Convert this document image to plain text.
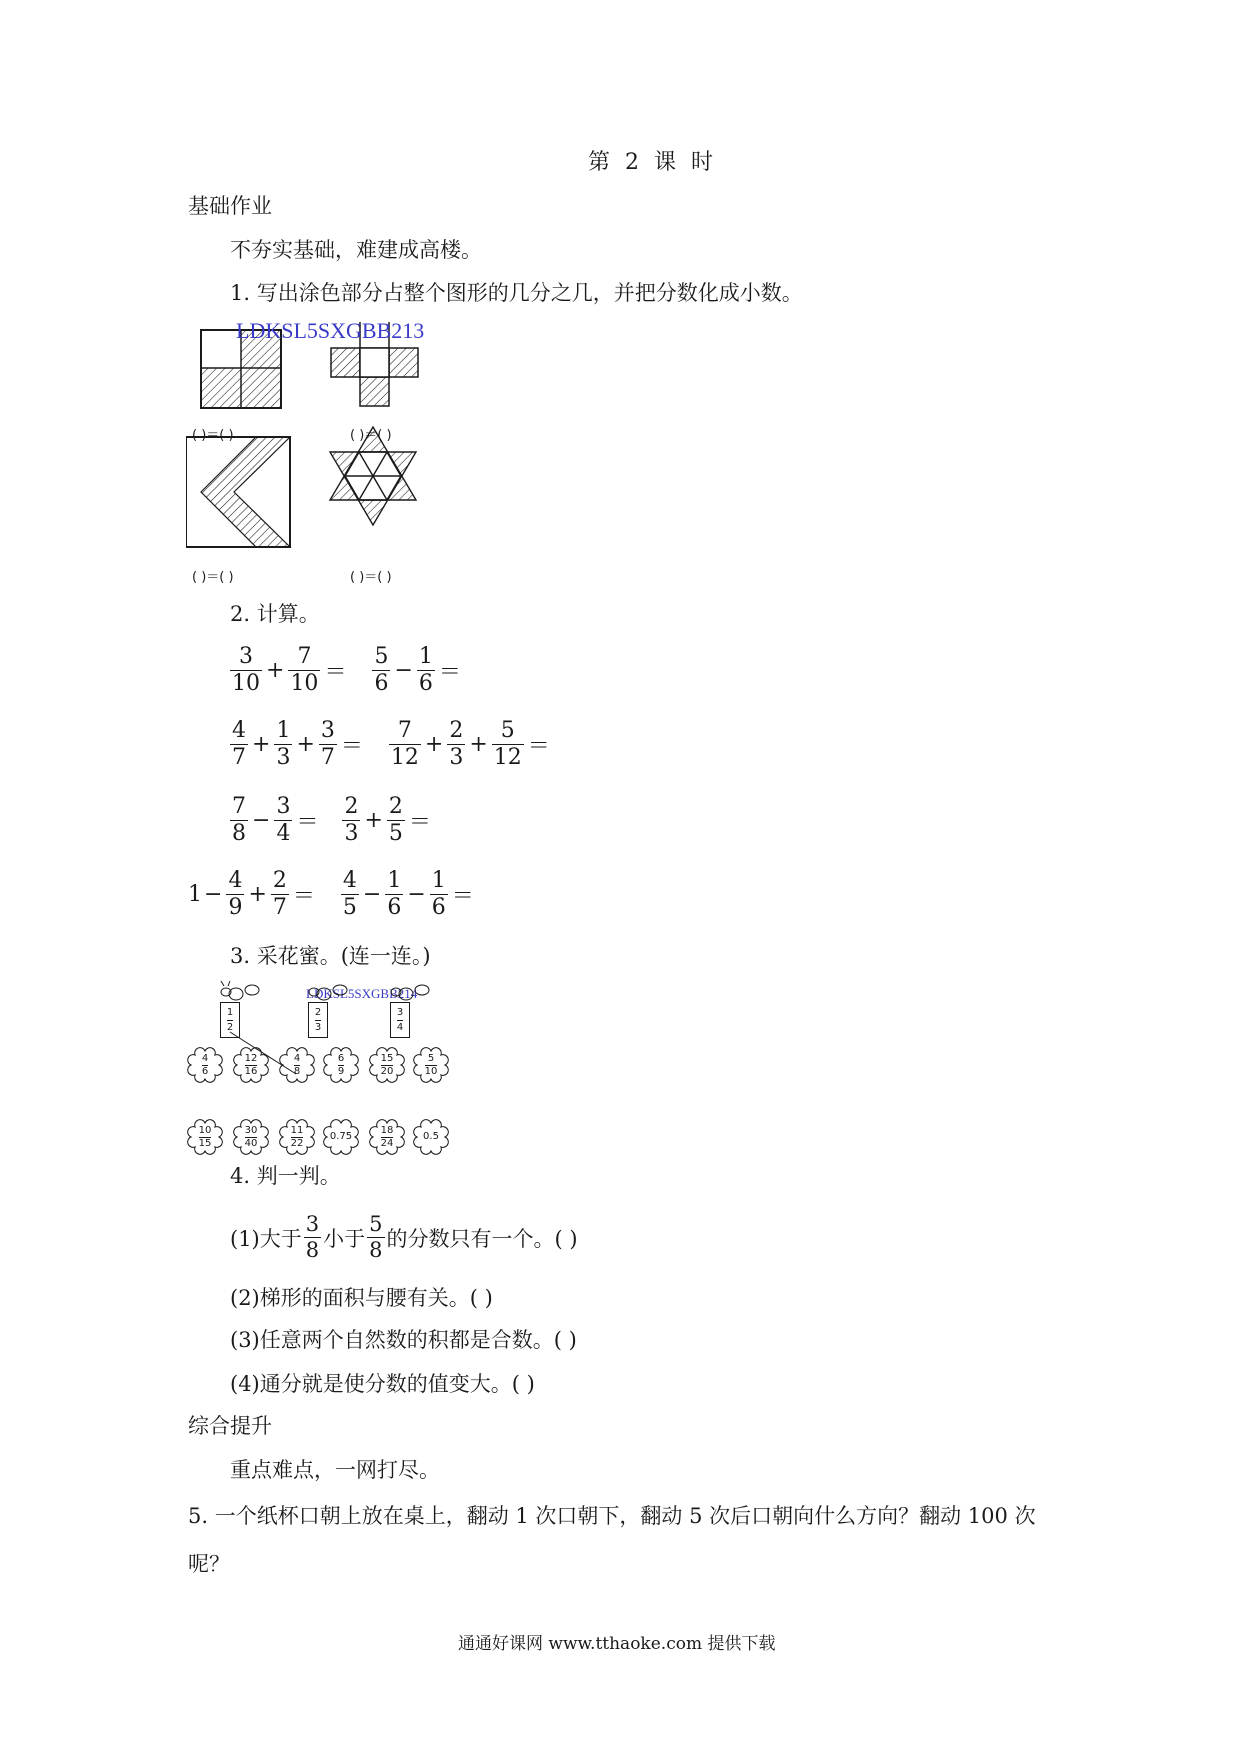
第 2 课 时
基础作业
不夯实基础，难建成高楼。
1. 写出涂色部分占整个图形的几分之几，并把分数化成小数。
LDKSL5SXGBB213
( )＝( )	( )＝( )
( )＝( )	( )＝( )
2. 计算。
$\frac{3}{10} + \frac{7}{10} = \frac{5}{6} - \frac{1}{6}$ ＝
$\frac{4}{7} + \frac{1}{3} + \frac{3}{7} = \frac{7}{12} + \frac{2}{3} + \frac{5}{12}$ ＝
$\frac{7}{8} - \frac{3}{4} = \frac{2}{3} + \frac{2}{5}$ ＝
$1 - \frac{4}{9} + \frac{2}{7} = \frac{4}{5} - \frac{1}{6} - \frac{1}{6}$ ＝
3. 采花蜜。(连一连。)
LDKSL5SXGBB214
1
2
2
3
3
4
4
6
12
16
4
8
6
9
15
20
5
10
10
15
30
40
11
22
0.75
18
24
0.5
4. 判一判。
(1)大于 $\frac{3}{8}$ 小于 $\frac{5}{8}$ 的分数只有一个。( )
(2)梯形的面积与腰有关。( )
(3)任意两个自然数的积都是合数。( )
(4)通分就是使分数的值变大。( )
综合提升
重点难点，一网打尽。
5. 一个纸杯口朝上放在桌上，翻动 1 次口朝下，翻动 5 次后口朝向什么方向？翻动 100 次
呢？
通通好课网 www.tthaoke.com 提供下载
